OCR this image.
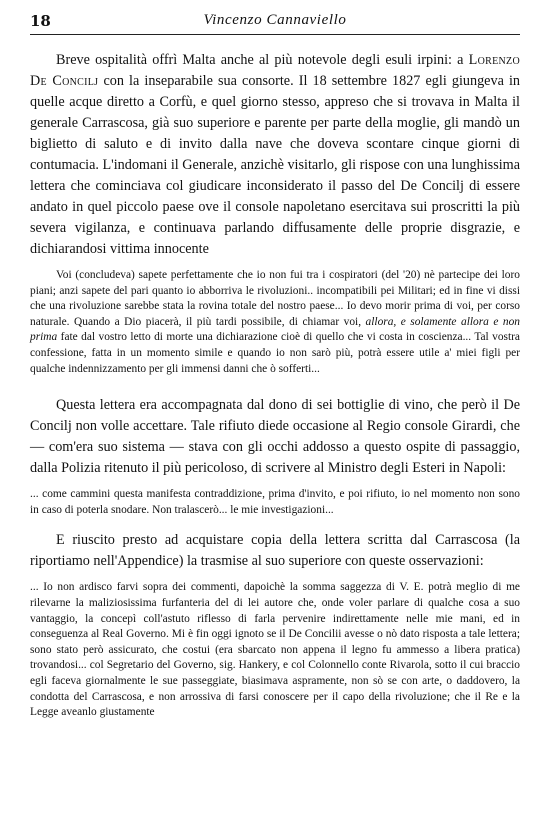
18	Vincenzo Cannaviello

Breve ospitalità offrì Malta anche al più notevole degli esuli irpini: a Lorenzo De Concilj con la inseparabile sua consorte. Il 18 settembre 1827 egli giungeva in quelle acque diretto a Corfù, e quel giorno stesso, appreso che si trovava in Malta il generale Carrascosa, già suo superiore e parente per parte della moglie, gli mandò un biglietto di saluto e di invito dalla nave che doveva scontare cinque giorni di contumacia. L'indomani il Generale, anzichè visitarlo, gli rispose con una lunghissima lettera che cominciava col giudicare inconsiderato il passo del De Concilj di essere andato in quel piccolo paese ove il console napoletano esercitava sui proscritti la più severa vigilanza, e continuava parlando diffusamente delle proprie disgrazie, e dichiarandosi vittima innocente

Voi (concludeva) sapete perfettamente che io non fui tra i cospiratori (del '20) nè partecipe dei loro piani; anzi sapete del pari quanto io abborriva le rivoluzioni.. incompatibili pei Militari; ed in fine vi dissi che una rivoluzione sarebbe stata la rovina totale del nostro paese... Io devo morir prima di voi, per corso naturale. Quando a Dio piacerà, il più tardi possibile, di chiamar voi, allora, e solamente allora e non prima fate dal vostro letto di morte una dichiarazione cioè di quello che vi costa in coscienza... Tal vostra confessione, fatta in un momento simile e quando io non sarò più, potrà essere utile a' miei figli per qualche indennizzamento per gli immensi danni che ò sofferti...

Questa lettera era accompagnata dal dono di sei bottiglie di vino, che però il De Concilj non volle accettare. Tale rifiuto diede occasione al Regio console Girardi, che — com'era suo sistema — stava con gli occhi addosso a questo ospite di passaggio, dalla Polizia ritenuto il più pericoloso, di scrivere al Ministro degli Esteri in Napoli:

... come cammini questa manifesta contraddizione, prima d'invito, e poi rifiuto, io nel momento non sono in caso di poterla snodare. Non tralascerò... le mie investigazioni...

E riuscito presto ad acquistare copia della lettera scritta dal Carrascosa (la riportiamo nell'Appendice) la trasmise al suo superiore con queste osservazioni:

... Io non ardisco farvi sopra dei commenti, dapoichè la somma saggezza di V. E. potrà meglio di me rilevarne la maliziosissima furfanteria del di lei autore che, onde voler parlare di qualche cosa a suo vantaggio, la concepì coll'astuto riflesso di farla pervenire indirettamente nelle mie mani, ed in conseguenza al Real Governo. Mi è fin oggi ignoto se il De Concilii avesse o nò dato risposta a tale lettera; sono stato però assicurato, che costui (era sbarcato non appena il legno fu ammesso a libera pratica) trovandosi... col Segretario del Governo, sig. Hankery, e col Colonnello conte Rivarola, sotto il cui braccio egli faceva giornalmente le sue passeggiate, biasimava aspramente, non sò se con arte, o daddovero, la condotta del Carrascosa, e non arrossiva di farsi conoscere per il capo della rivoluzione; che il Re e la Legge aveanlo giustamente
